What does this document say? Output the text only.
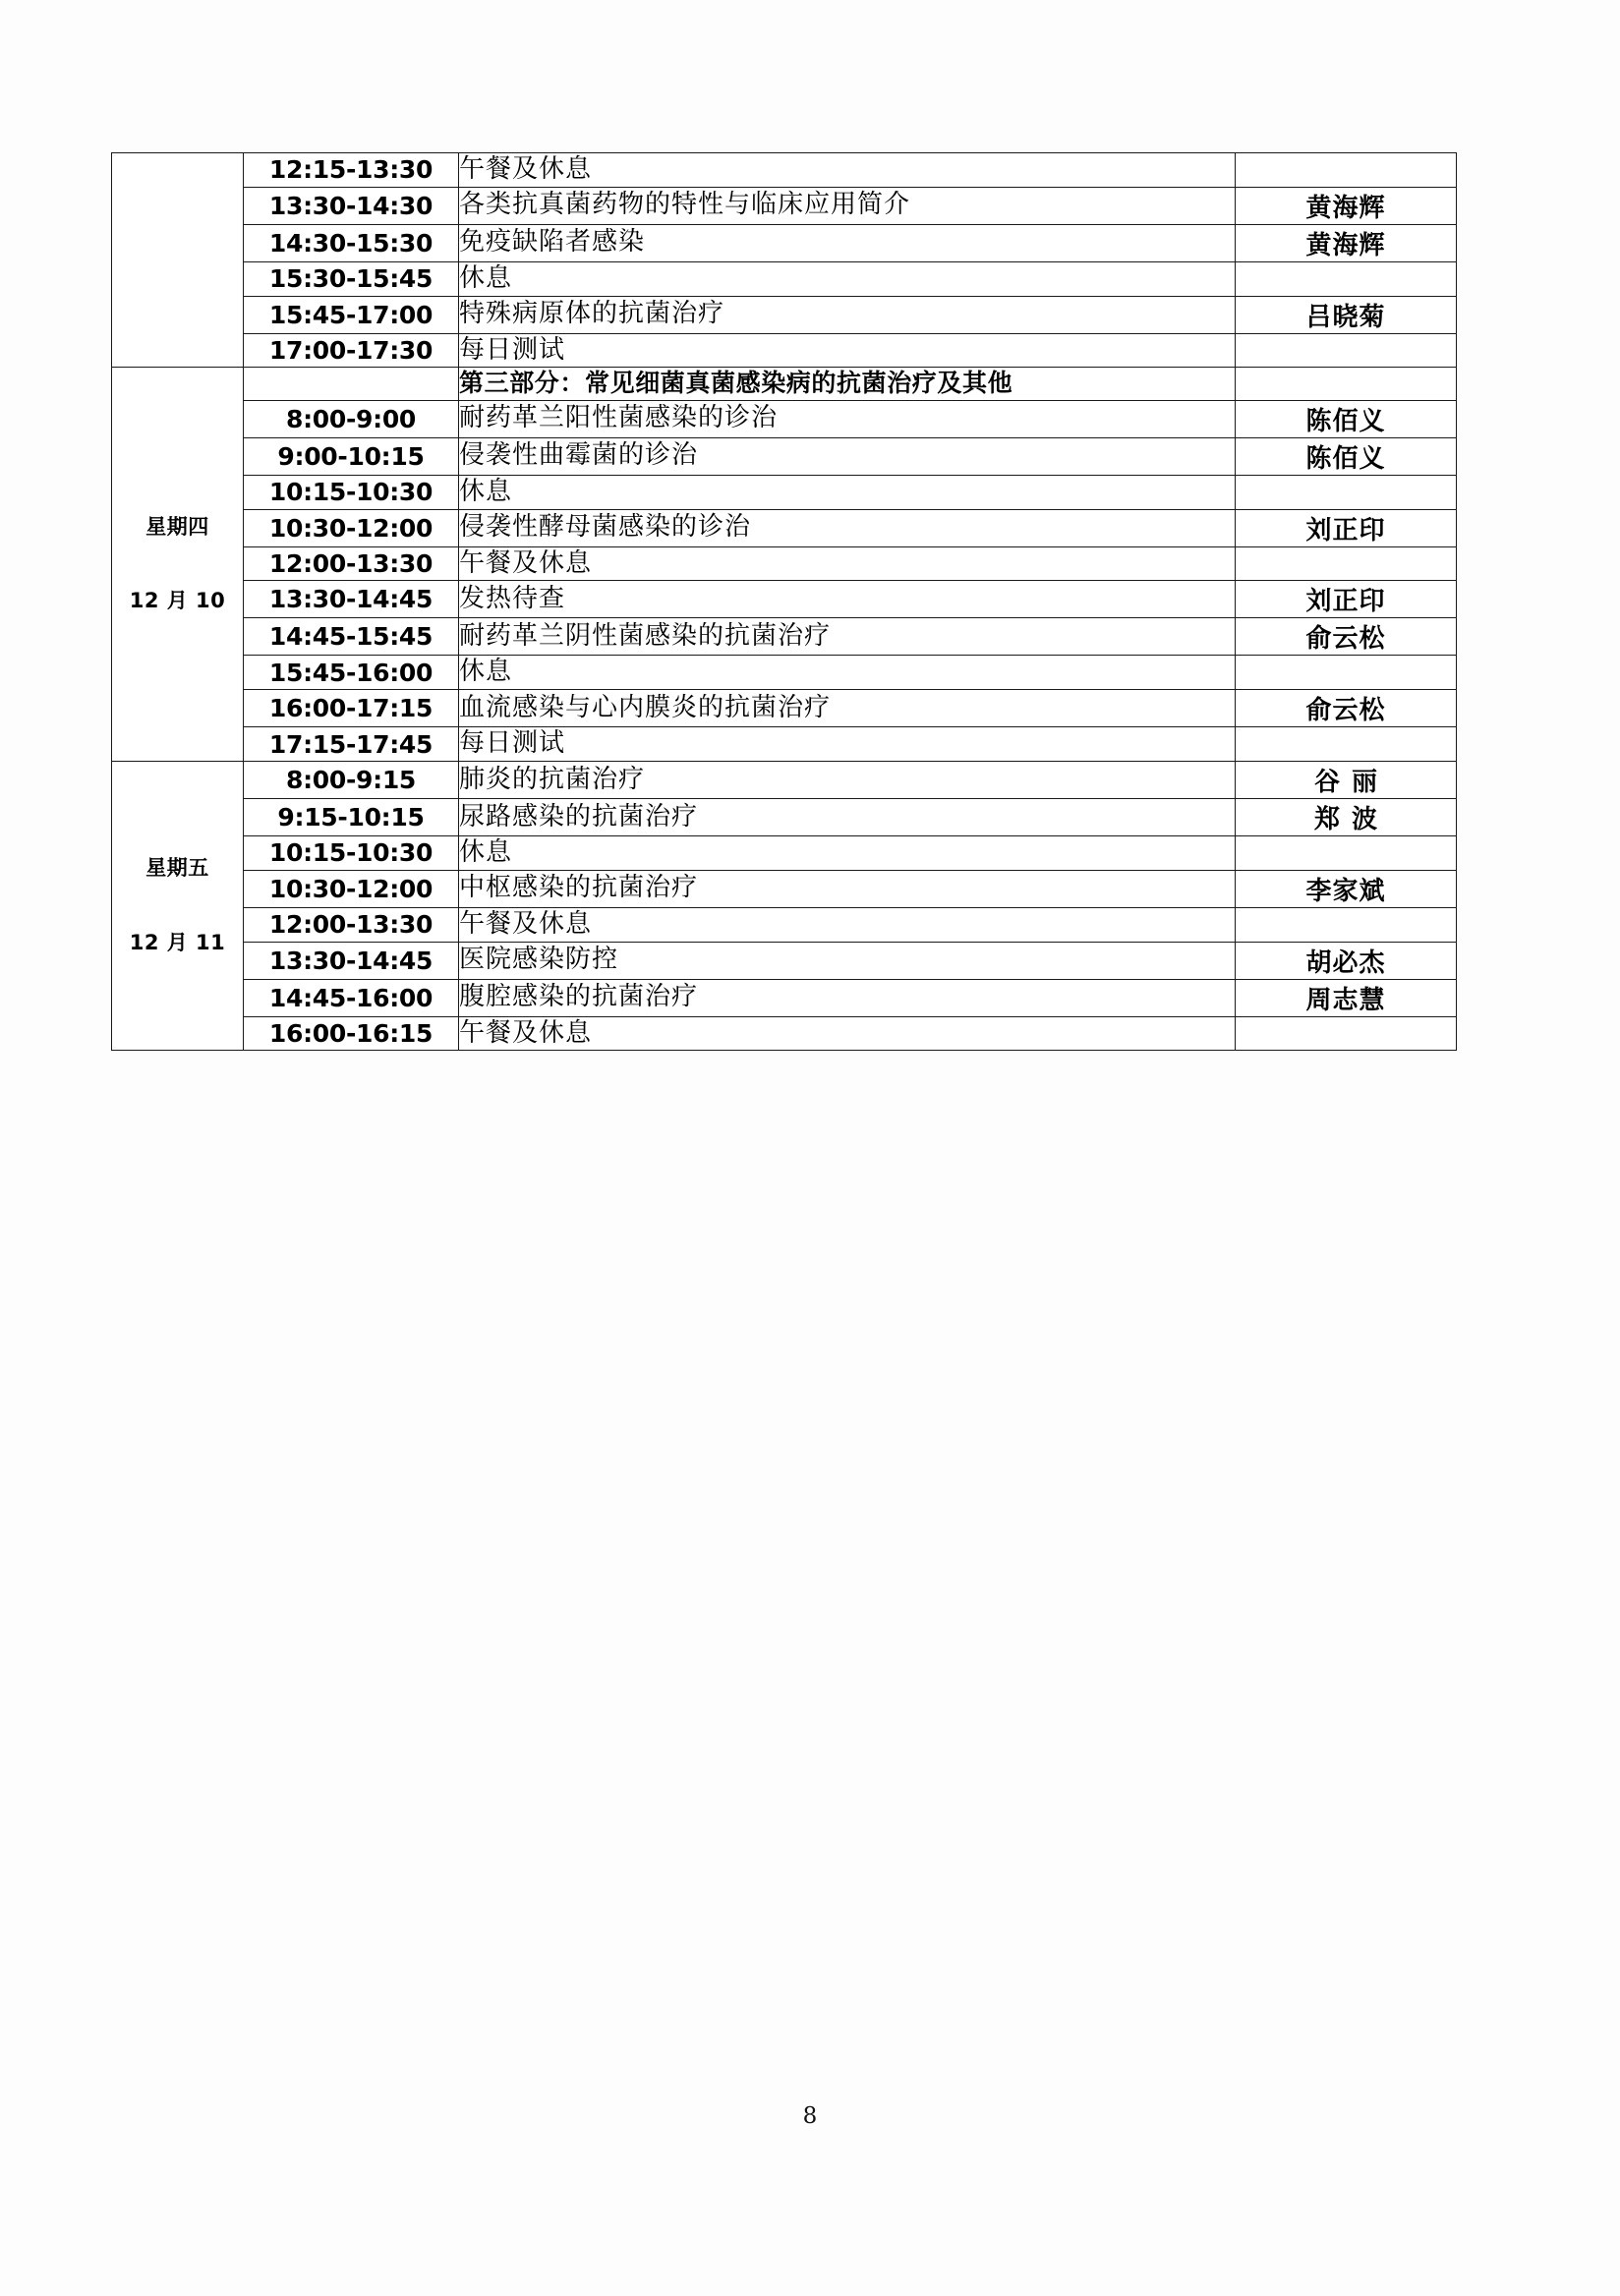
	12:15-13:30	午餐及休息	
	13:30-14:30	各类抗真菌药物的特性与临床应用简介	黄海辉
	14:30-15:30	免疫缺陷者感染	黄海辉
	15:30-15:45	休息	
	15:45-17:00	特殊病原体的抗菌治疗	吕晓菊
	17:00-17:30	每日测试	

星期四
12 月 10		第三部分：常见细菌真菌感染病的抗菌治疗及其他	
	8:00-9:00	耐药革兰阳性菌感染的诊治	陈佰义
	9:00-10:15	侵袭性曲霉菌的诊治	陈佰义
	10:15-10:30	休息	
	10:30-12:00	侵袭性酵母菌感染的诊治	刘正印
	12:00-13:30	午餐及休息	
	13:30-14:45	发热待查	刘正印
	14:45-15:45	耐药革兰阴性菌感染的抗菌治疗	俞云松
	15:45-16:00	休息	
	16:00-17:15	血流感染与心内膜炎的抗菌治疗	俞云松
	17:15-17:45	每日测试	

星期五
12 月 11	8:00-9:15	肺炎的抗菌治疗	谷丽
	9:15-10:15	尿路感染的抗菌治疗	郑波
	10:15-10:30	休息	
	10:30-12:00	中枢感染的抗菌治疗	李家斌
	12:00-13:30	午餐及休息	
	13:30-14:45	医院感染防控	胡必杰
	14:45-16:00	腹腔感染的抗菌治疗	周志慧
	16:00-16:15	午餐及休息	
8
